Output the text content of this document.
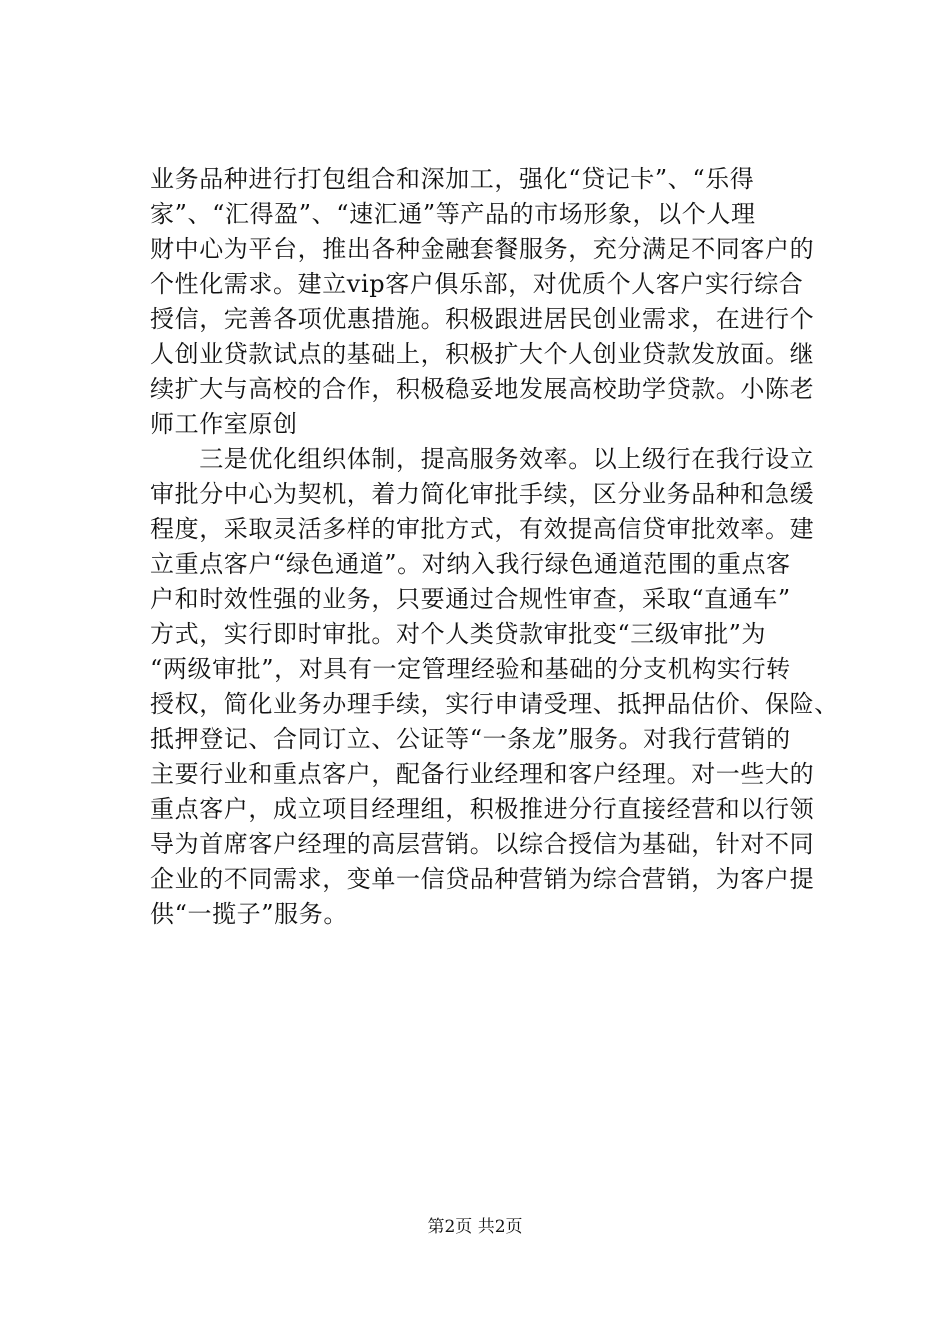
业务品种进行打包组合和深加工，强化“贷记卡”、“乐得
家”、“汇得盈”、“速汇通”等产品的市场形象，以个人理
财中心为平台，推出各种金融套餐服务，充分满足不同客户的
个性化需求。建立vip客户俱乐部，对优质个人客户实行综合
授信，完善各项优惠措施。积极跟进居民创业需求，在进行个
人创业贷款试点的基础上，积极扩大个人创业贷款发放面。继
续扩大与高校的合作，积极稳妥地发展高校助学贷款。小陈老
师工作室原创
　　三是优化组织体制，提高服务效率。以上级行在我行设立
审批分中心为契机，着力简化审批手续，区分业务品种和急缓
程度，采取灵活多样的审批方式，有效提高信贷审批效率。建
立重点客户“绿色通道”。对纳入我行绿色通道范围的重点客
户和时效性强的业务，只要通过合规性审查，采取“直通车”
方式，实行即时审批。对个人类贷款审批变“三级审批”为
“两级审批”，对具有一定管理经验和基础的分支机构实行转
授权，简化业务办理手续，实行申请受理、抵押品估价、保险、
抵押登记、合同订立、公证等“一条龙”服务。对我行营销的
主要行业和重点客户，配备行业经理和客户经理。对一些大的
重点客户，成立项目经理组，积极推进分行直接经营和以行领
导为首席客户经理的高层营销。以综合授信为基础，针对不同
企业的不同需求，变单一信贷品种营销为综合营销，为客户提
供“一揽子”服务。
第2页 共2页
